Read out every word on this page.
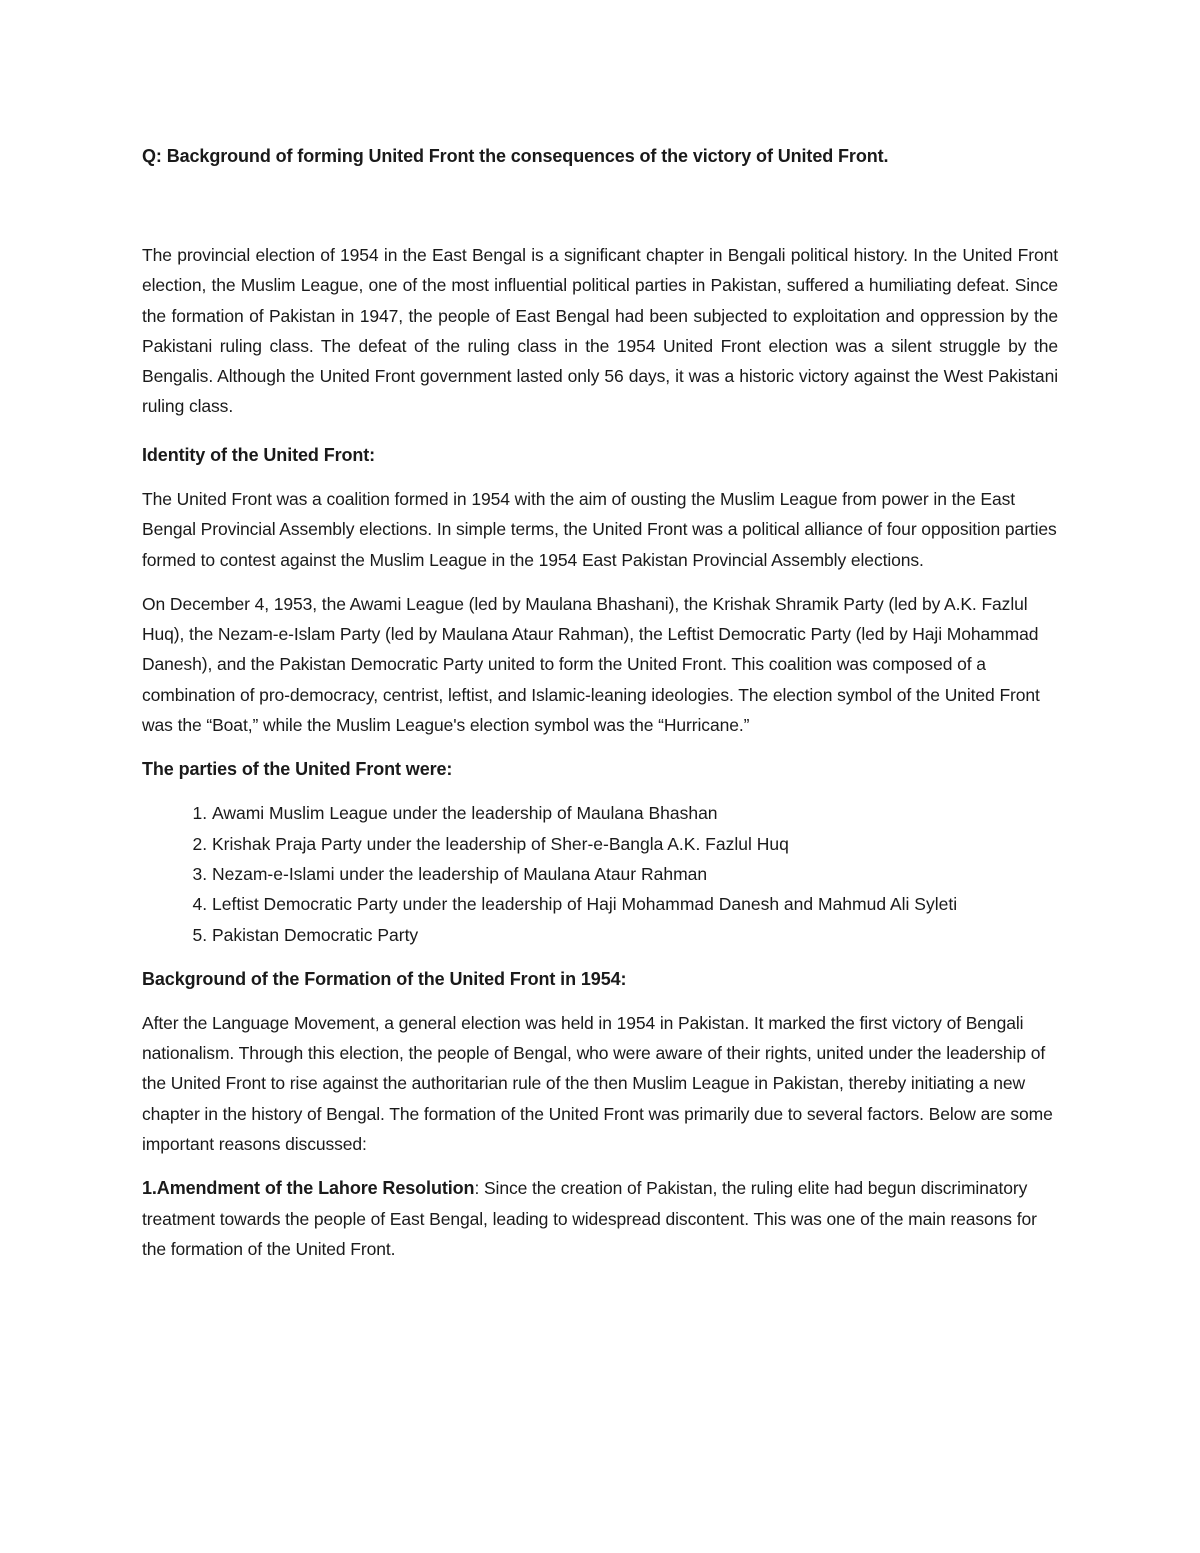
Q: Background of forming United Front the consequences of the victory of United Front.

The provincial election of 1954 in the East Bengal is a significant chapter in Bengali political history. In the United Front election, the Muslim League, one of the most influential political parties in Pakistan, suffered a humiliating defeat. Since the formation of Pakistan in 1947, the people of East Bengal had been subjected to exploitation and oppression by the Pakistani ruling class. The defeat of the ruling class in the 1954 United Front election was a silent struggle by the Bengalis. Although the United Front government lasted only 56 days, it was a historic victory against the West Pakistani ruling class.

Identity of the United Front:

The United Front was a coalition formed in 1954 with the aim of ousting the Muslim League from power in the East Bengal Provincial Assembly elections. In simple terms, the United Front was a political alliance of four opposition parties formed to contest against the Muslim League in the 1954 East Pakistan Provincial Assembly elections.

On December 4, 1953, the Awami League (led by Maulana Bhashani), the Krishak Shramik Party (led by A.K. Fazlul Huq), the Nezam-e-Islam Party (led by Maulana Ataur Rahman), the Leftist Democratic Party (led by Haji Mohammad Danesh), and the Pakistan Democratic Party united to form the United Front. This coalition was composed of a combination of pro-democracy, centrist, leftist, and Islamic-leaning ideologies. The election symbol of the United Front was the “Boat,” while the Muslim League's election symbol was the “Hurricane.”

The parties of the United Front were:
1. Awami Muslim League under the leadership of Maulana Bhashan
2. Krishak Praja Party under the leadership of Sher-e-Bangla A.K. Fazlul Huq
3. Nezam-e-Islami under the leadership of Maulana Ataur Rahman
4. Leftist Democratic Party under the leadership of Haji Mohammad Danesh and Mahmud Ali Syleti
5. Pakistan Democratic Party
Background of the Formation of the United Front in 1954:

After the Language Movement, a general election was held in 1954 in Pakistan. It marked the first victory of Bengali nationalism. Through this election, the people of Bengal, who were aware of their rights, united under the leadership of the United Front to rise against the authoritarian rule of the then Muslim League in Pakistan, thereby initiating a new chapter in the history of Bengal. The formation of the United Front was primarily due to several factors. Below are some important reasons discussed:

1.Amendment of the Lahore Resolution: Since the creation of Pakistan, the ruling elite had begun discriminatory treatment towards the people of East Bengal, leading to widespread discontent. This was one of the main reasons for the formation of the United Front.
